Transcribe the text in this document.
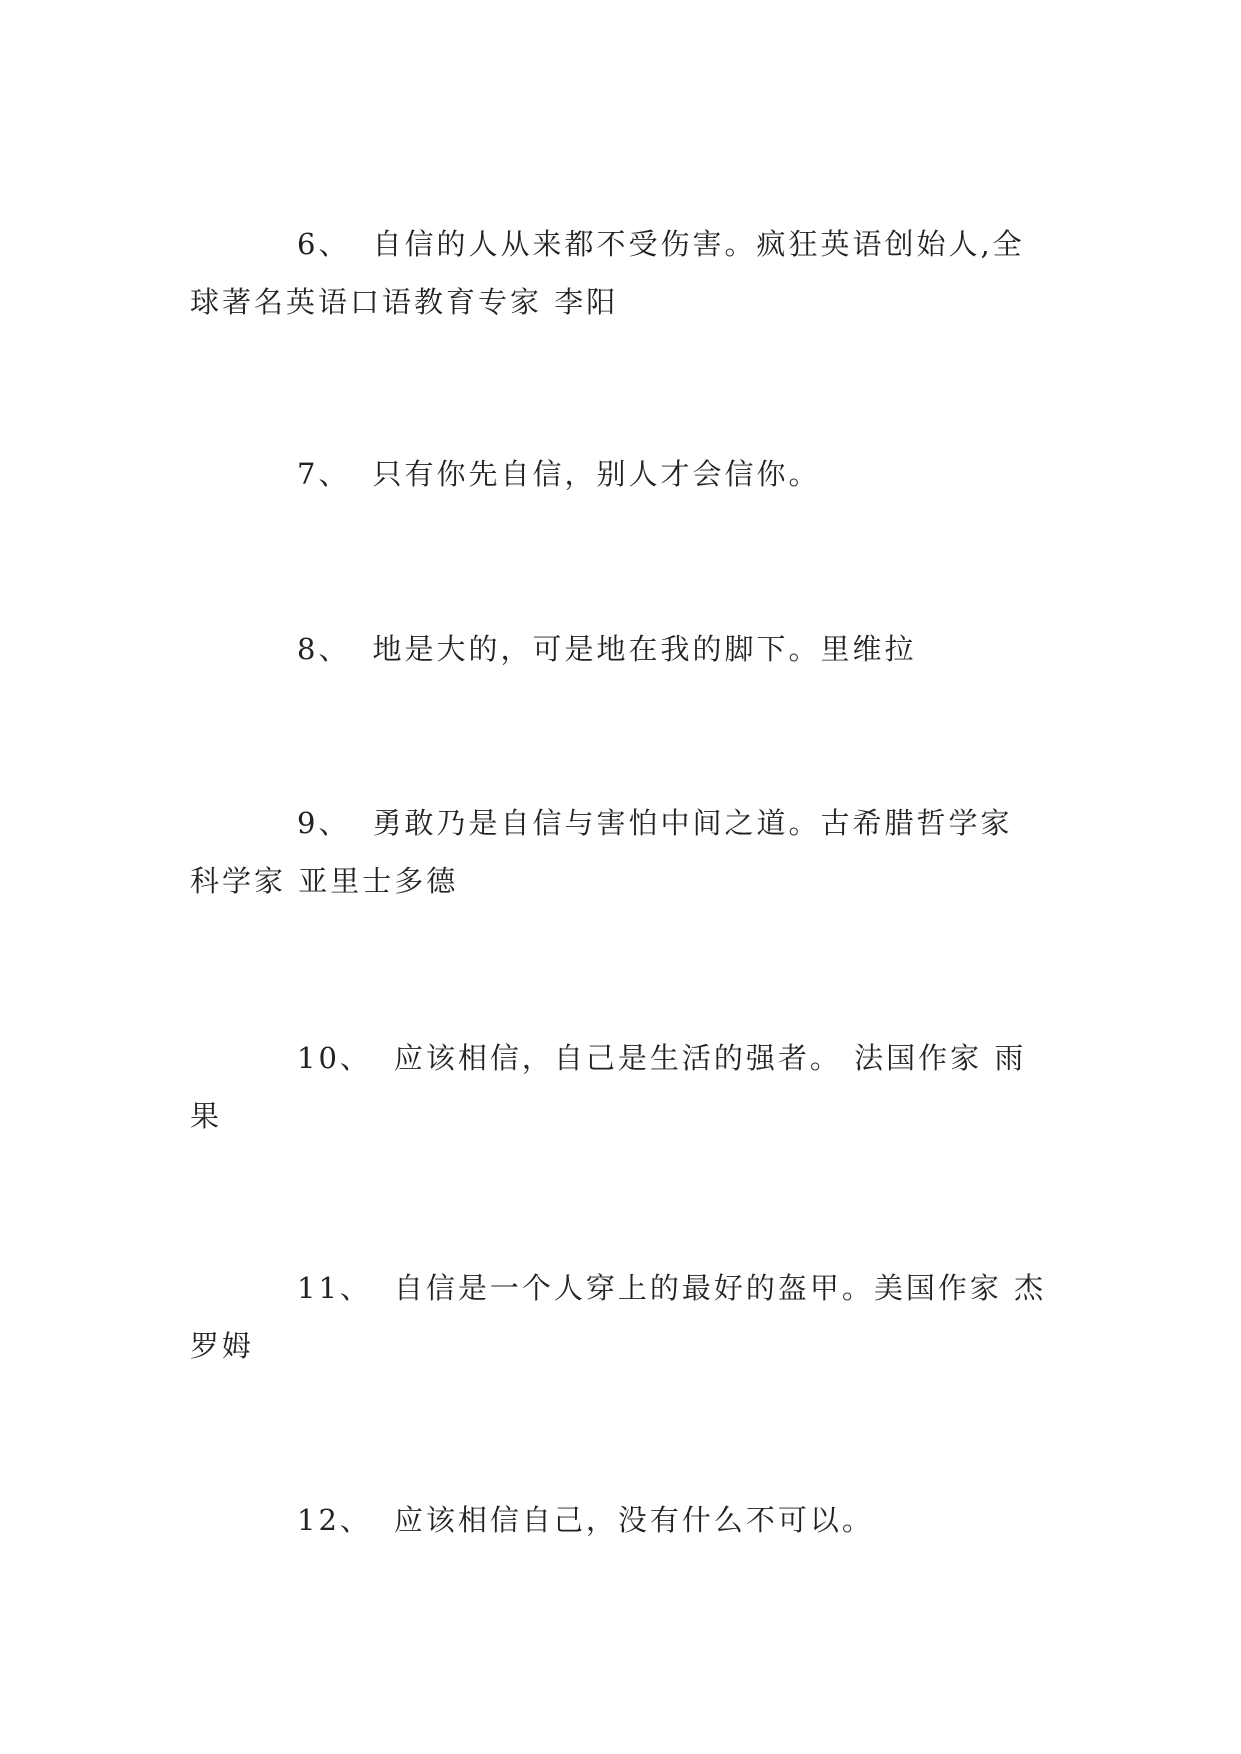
6、 自信的人从来都不受伤害。疯狂英语创始人,全
球著名英语口语教育专家 李阳
7、 只有你先自信，别人才会信你。
8、 地是大的，可是地在我的脚下。里维拉
9、 勇敢乃是自信与害怕中间之道。古希腊哲学家
科学家 亚里士多德
10、 应该相信，自己是生活的强者。 法国作家 雨
果
11、 自信是一个人穿上的最好的盔甲。美国作家 杰
罗姆
12、 应该相信自己，没有什么不可以。
